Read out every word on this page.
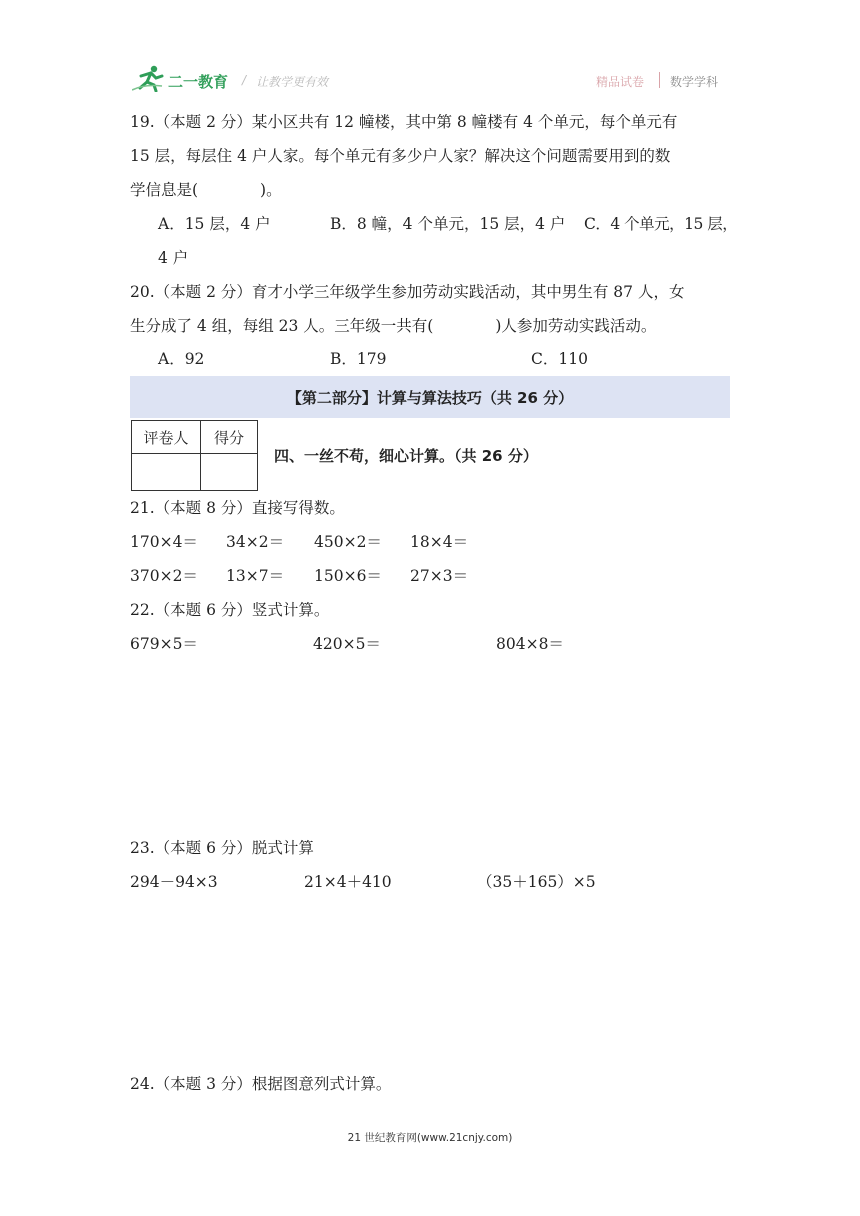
二一教育 / 让教学更有效	精品试卷 数学学科
19.（本题 2 分）某小区共有 12 幢楼，其中第 8 幢楼有 4 个单元，每个单元有
15 层，每层住 4 户人家。每个单元有多少户人家？解决这个问题需要用到的数
学信息是(　　　　)。
A．15 层，4 户	B．8 幢，4 个单元，15 层，4 户 C．4 个单元，15 层，
4 户
20.（本题 2 分）育才小学三年级学生参加劳动实践活动，其中男生有 87 人，女
生分成了 4 组，每组 23 人。三年级一共有(　　　　)人参加劳动实践活动。
A．92	B．179	C．110
【第二部分】计算与算法技巧（共 26 分）
评卷人	得分

四、一丝不苟，细心计算。（共 26 分）
21.（本题 8 分）直接写得数。
170×4＝ 34×2＝ 450×2＝ 18×4＝
370×2＝ 13×7＝ 150×6＝ 27×3＝
22.（本题 6 分）竖式计算。
679×5＝	420×5＝	804×8＝
23.（本题 6 分）脱式计算
294－94×3	21×4＋410	（35＋165）×5
24.（本题 3 分）根据图意列式计算。
21 世纪教育网(www.21cnjy.com)
